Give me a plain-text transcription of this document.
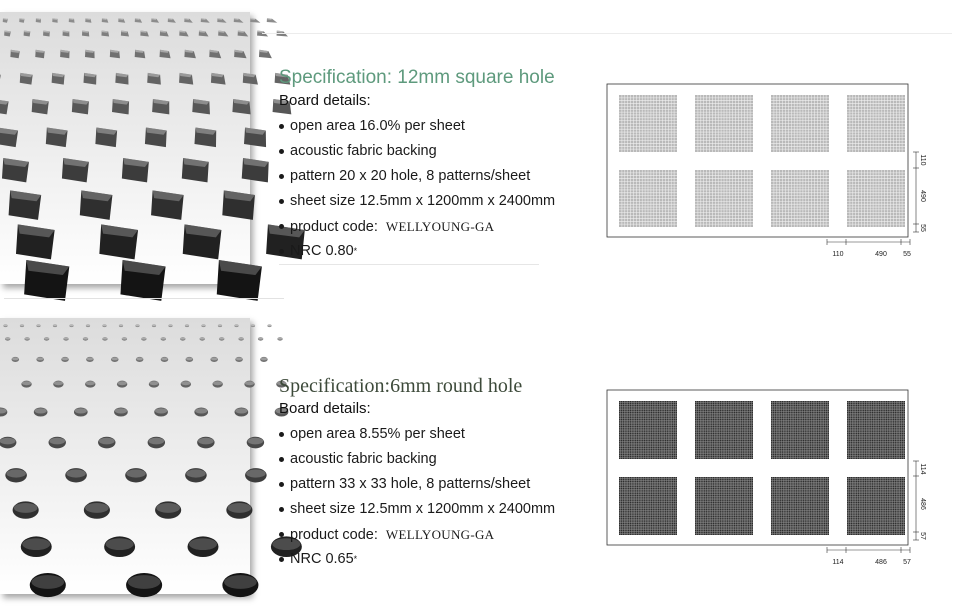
Specification: 12mm square hole
Board details:
open area 16.0% per sheet
acoustic fabric backing
pattern 20 x 20 hole, 8 patterns/sheet
sheet size 12.5mm x 1200mm x 2400mm
product code: WELLYOUNG-GA
NRC 0.80*
110
490
55
110	490 55
Specification:6mm round hole
Board details:
open area 8.55% per sheet
acoustic fabric backing
pattern 33 x 33 hole, 8 patterns/sheet
sheet size 12.5mm x 1200mm x 2400mm
product code: WELLYOUNG-GA
NRC 0.65*
114
486
57
114	486 57
